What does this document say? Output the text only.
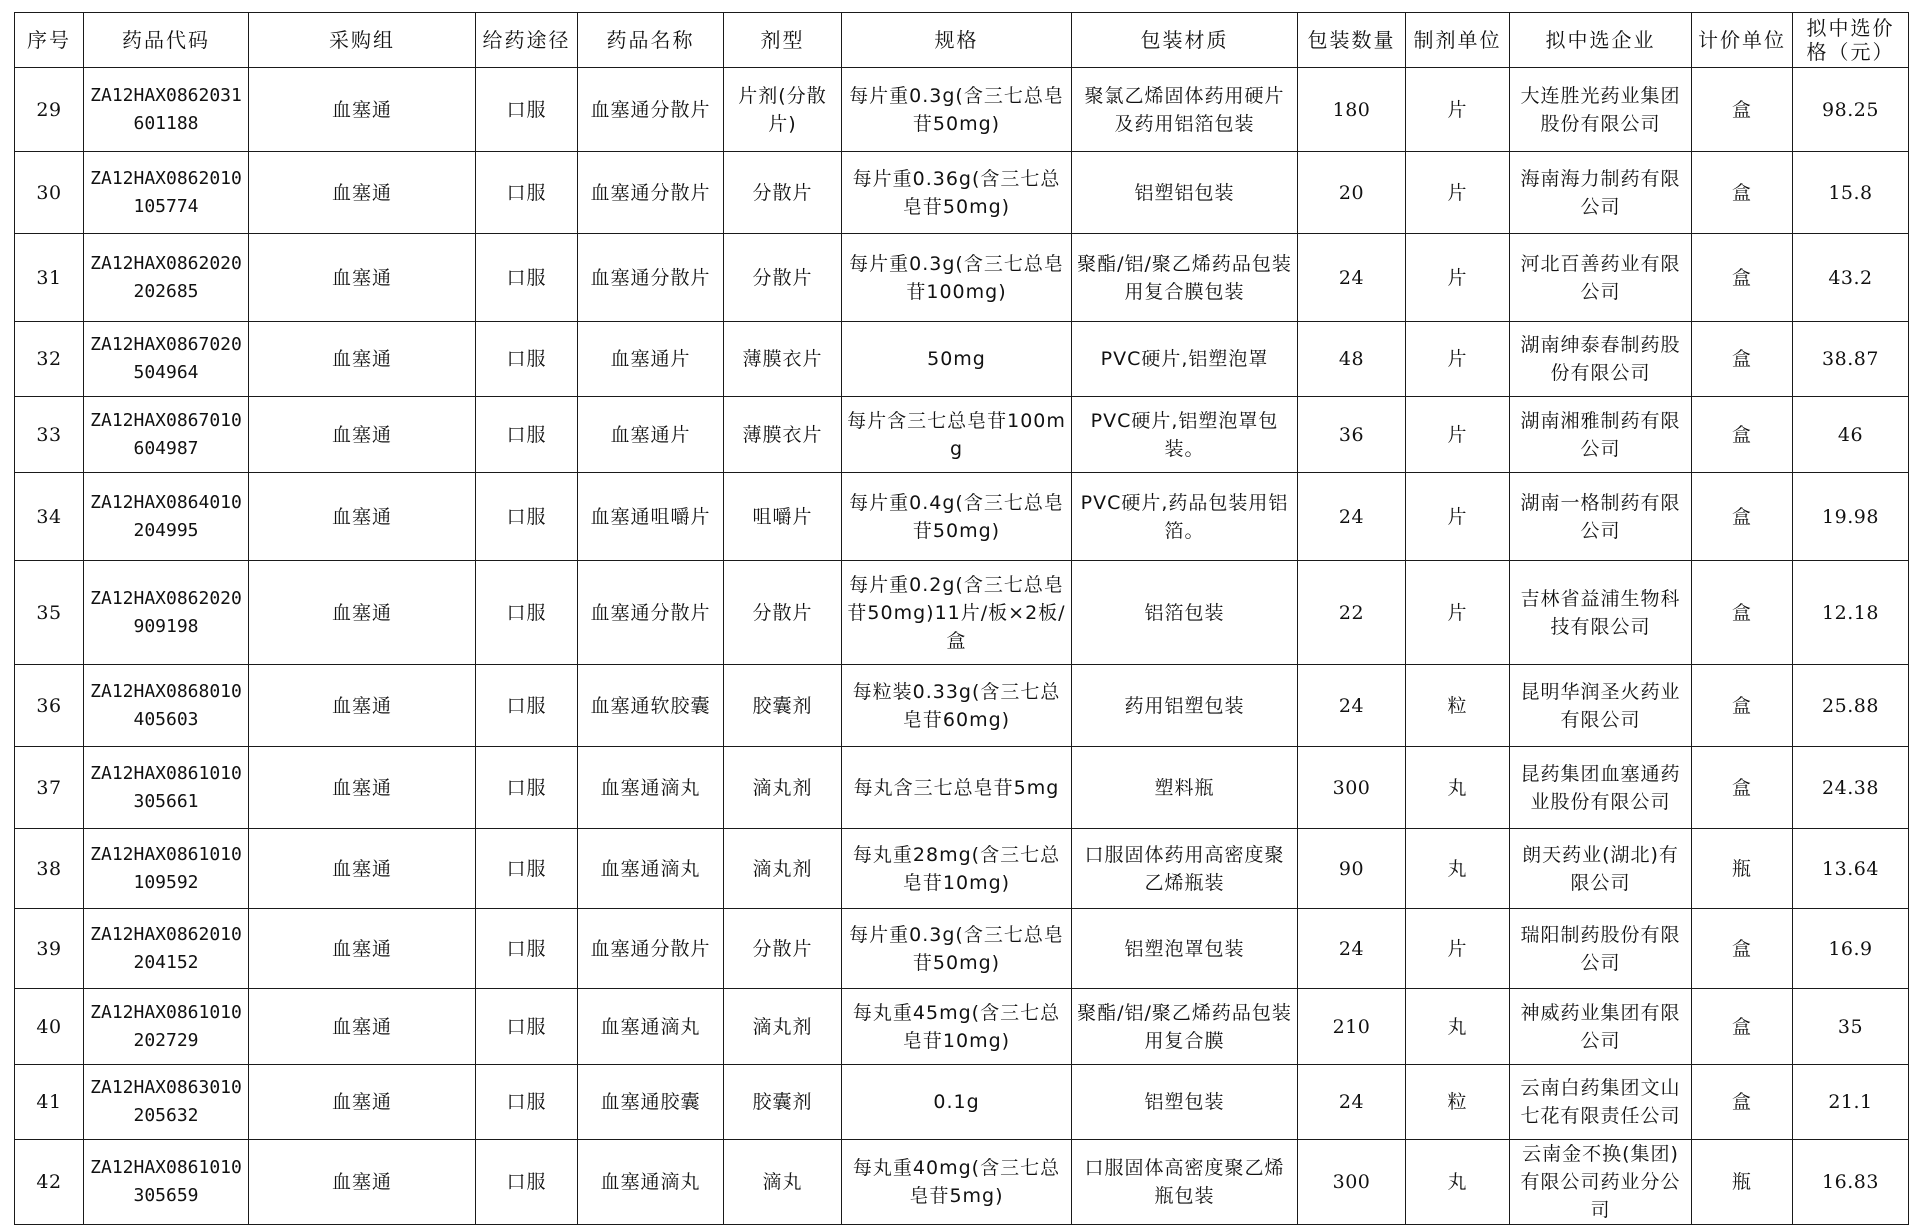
序号	药品代码	采购组	给药途径	药品名称	剂型	规格	包装材质	包装数量	制剂单位	拟中选企业	计价单位	拟中选价格（元）
29	ZA12HAX0862031601188	血塞通	口服	血塞通分散片	片剂(分散片)	每片重0.3g(含三七总皂苷50mg)	聚氯乙烯固体药用硬片及药用铝箔包装	180	片	大连胜光药业集团股份有限公司	盒	98.25
30	ZA12HAX0862010105774	血塞通	口服	血塞通分散片	分散片	每片重0.36g(含三七总皂苷50mg)	铝塑铝包装	20	片	海南海力制药有限公司	盒	15.8
31	ZA12HAX0862020202685	血塞通	口服	血塞通分散片	分散片	每片重0.3g(含三七总皂苷100mg)	聚酯/铝/聚乙烯药品包装用复合膜包装	24	片	河北百善药业有限公司	盒	43.2
32	ZA12HAX0867020504964	血塞通	口服	血塞通片	薄膜衣片	50mg	PVC硬片,铝塑泡罩	48	片	湖南绅泰春制药股份有限公司	盒	38.87
33	ZA12HAX0867010604987	血塞通	口服	血塞通片	薄膜衣片	每片含三七总皂苷100mg	PVC硬片,铝塑泡罩包装。	36	片	湖南湘雅制药有限公司	盒	46
34	ZA12HAX0864010204995	血塞通	口服	血塞通咀嚼片	咀嚼片	每片重0.4g(含三七总皂苷50mg)	PVC硬片,药品包装用铝箔。	24	片	湖南一格制药有限公司	盒	19.98
35	ZA12HAX0862020909198	血塞通	口服	血塞通分散片	分散片	每片重0.2g(含三七总皂苷50mg)11片/板×2板/盒	铝箔包装	22	片	吉林省益浦生物科技有限公司	盒	12.18
36	ZA12HAX0868010405603	血塞通	口服	血塞通软胶囊	胶囊剂	每粒装0.33g(含三七总皂苷60mg)	药用铝塑包装	24	粒	昆明华润圣火药业有限公司	盒	25.88
37	ZA12HAX0861010305661	血塞通	口服	血塞通滴丸	滴丸剂	每丸含三七总皂苷5mg	塑料瓶	300	丸	昆药集团血塞通药业股份有限公司	盒	24.38
38	ZA12HAX0861010109592	血塞通	口服	血塞通滴丸	滴丸剂	每丸重28mg(含三七总皂苷10mg)	口服固体药用高密度聚乙烯瓶装	90	丸	朗天药业(湖北)有限公司	瓶	13.64
39	ZA12HAX0862010204152	血塞通	口服	血塞通分散片	分散片	每片重0.3g(含三七总皂苷50mg)	铝塑泡罩包装	24	片	瑞阳制药股份有限公司	盒	16.9
40	ZA12HAX0861010202729	血塞通	口服	血塞通滴丸	滴丸剂	每丸重45mg(含三七总皂苷10mg)	聚酯/铝/聚乙烯药品包装用复合膜	210	丸	神威药业集团有限公司	盒	35
41	ZA12HAX0863010205632	血塞通	口服	血塞通胶囊	胶囊剂	0.1g	铝塑包装	24	粒	云南白药集团文山七花有限责任公司	盒	21.1
42	ZA12HAX0861010305659	血塞通	口服	血塞通滴丸	滴丸	每丸重40mg(含三七总皂苷5mg)	口服固体高密度聚乙烯瓶包装	300	丸	云南金不换(集团)有限公司药业分公司	瓶	16.83
